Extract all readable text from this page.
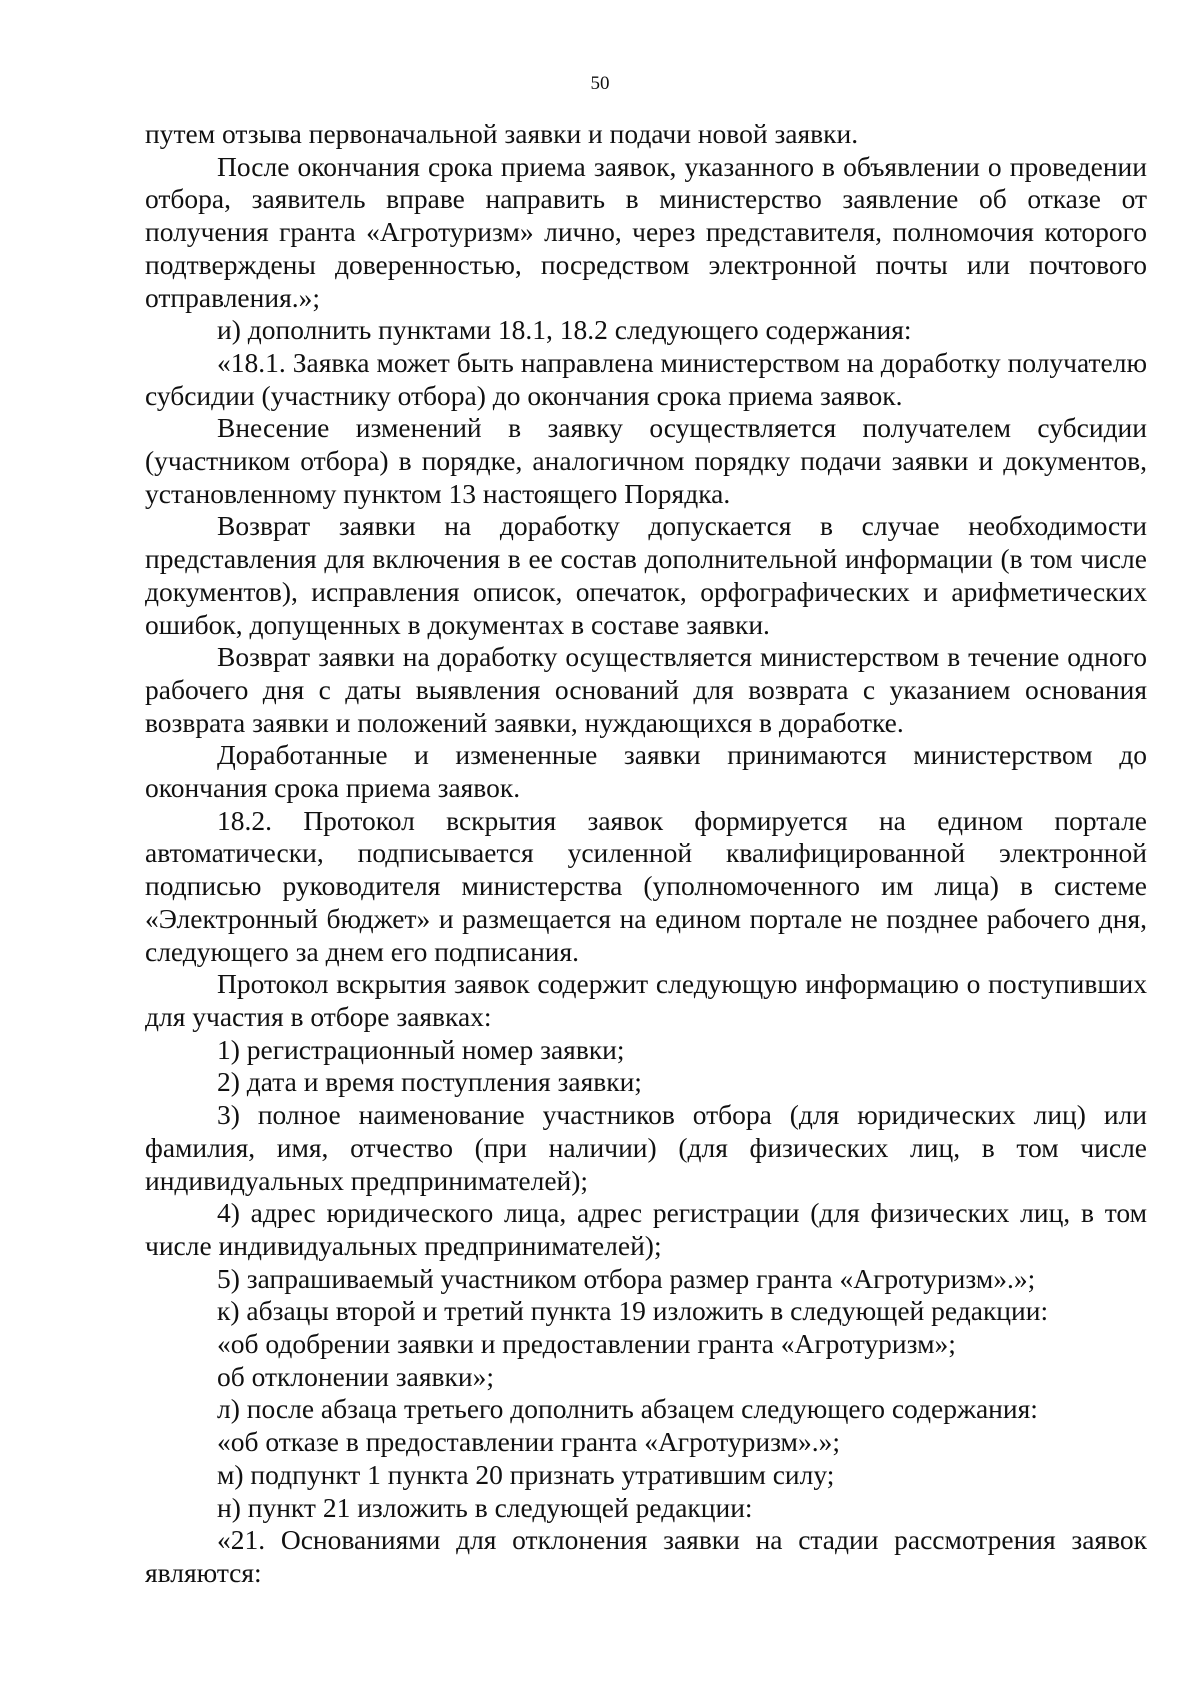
50

путем отзыва первоначальной заявки и подачи новой заявки.

После окончания срока приема заявок, указанного в объявлении о проведении отбора, заявитель вправе направить в министерство заявление об отказе от получения гранта «Агротуризм» лично, через представителя, полномочия которого подтверждены доверенностью, посредством электронной почты или почтового отправления.»;

и) дополнить пунктами 18.1, 18.2 следующего содержания:

«18.1. Заявка может быть направлена министерством на доработку получателю субсидии (участнику отбора) до окончания срока приема заявок.

Внесение изменений в заявку осуществляется получателем субсидии (участником отбора) в порядке, аналогичном порядку подачи заявки и документов, установленному пунктом 13 настоящего Порядка.

Возврат заявки на доработку допускается в случае необходимости представления для включения в ее состав дополнительной информации (в том числе документов), исправления описок, опечаток, орфографических и арифметических ошибок, допущенных в документах в составе заявки.

Возврат заявки на доработку осуществляется министерством в течение одного рабочего дня с даты выявления оснований для возврата с указанием основания возврата заявки и положений заявки, нуждающихся в доработке.

Доработанные и измененные заявки принимаются министерством до окончания срока приема заявок.

18.2. Протокол вскрытия заявок формируется на едином портале автоматически, подписывается усиленной квалифицированной электронной подписью руководителя министерства (уполномоченного им лица) в системе «Электронный бюджет» и размещается на едином портале не позднее рабочего дня, следующего за днем его подписания.

Протокол вскрытия заявок содержит следующую информацию о поступивших для участия в отборе заявках:

1) регистрационный номер заявки;

2) дата и время поступления заявки;

3) полное наименование участников отбора (для юридических лиц) или фамилия, имя, отчество (при наличии) (для физических лиц, в том числе индивидуальных предпринимателей);

4) адрес юридического лица, адрес регистрации (для физических лиц, в том числе индивидуальных предпринимателей);

5) запрашиваемый участником отбора размер гранта «Агротуризм».»;

к) абзацы второй и третий пункта 19 изложить в следующей редакции:

«об одобрении заявки и предоставлении гранта «Агротуризм»;

об отклонении заявки»;

л) после абзаца третьего дополнить абзацем следующего содержания:

«об отказе в предоставлении гранта «Агротуризм».»;

м) подпункт 1 пункта 20 признать утратившим силу;

н) пункт 21 изложить в следующей редакции:

«21. Основаниями для отклонения заявки на стадии рассмотрения заявок являются:
